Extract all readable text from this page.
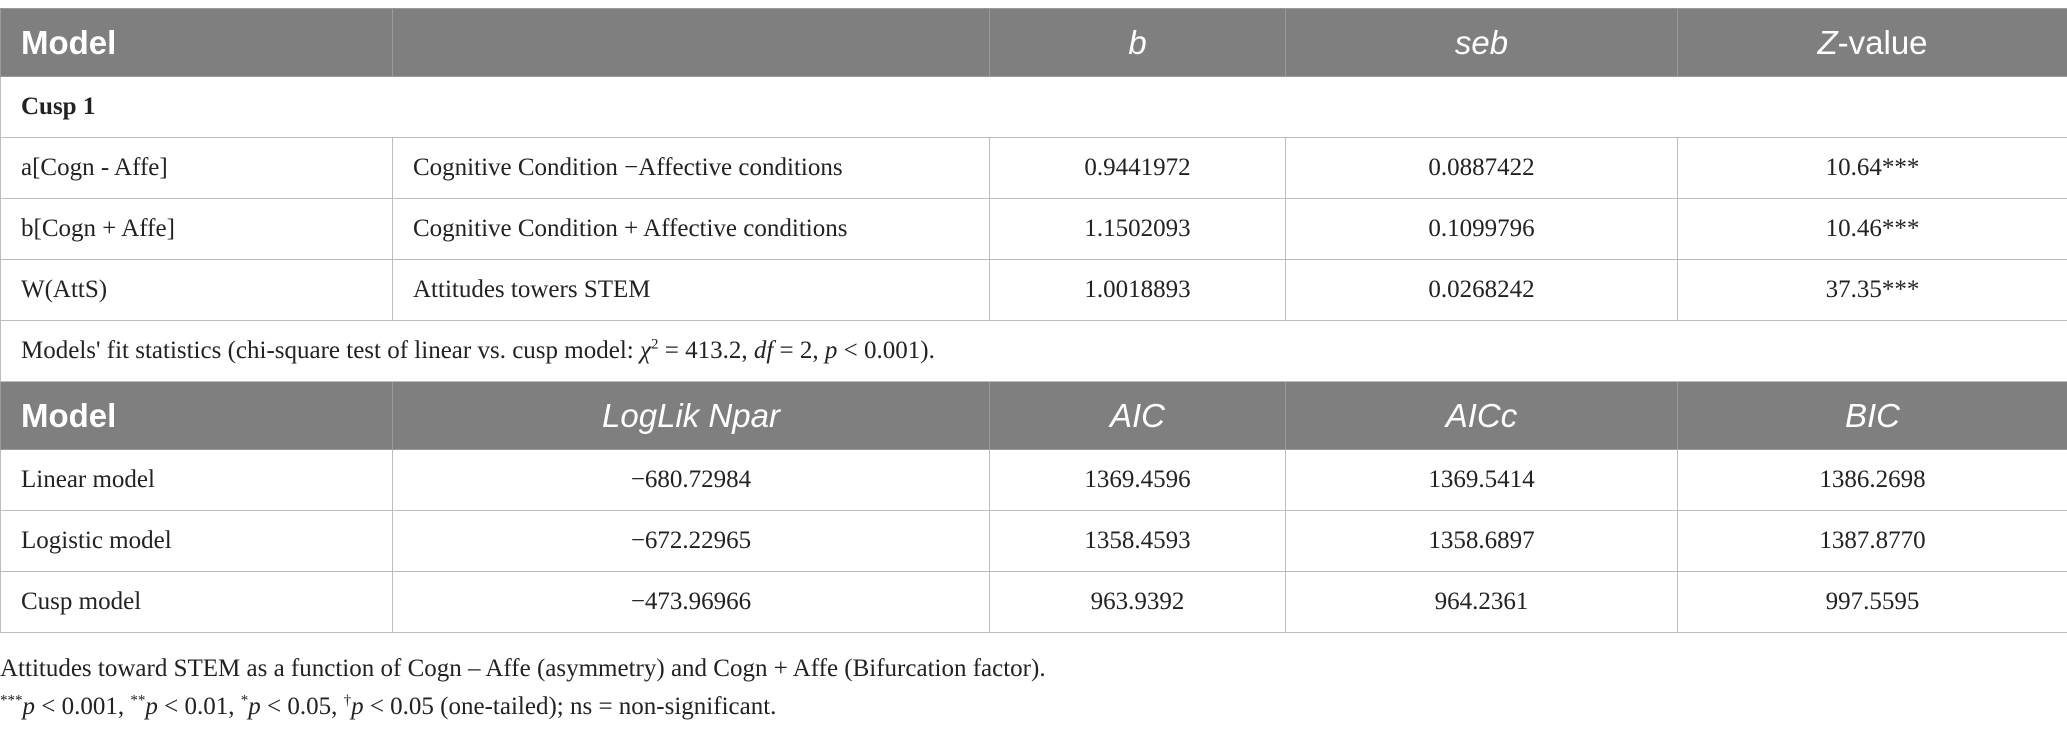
Model		b	seb	Z-value
Cusp 1				
a[Cogn - Affe]	Cognitive Condition −Affective conditions	0.9441972	0.0887422	10.64***
b[Cogn + Affe]	Cognitive Condition + Affective conditions	1.1502093	0.1099796	10.46***
W(AttS)	Attitudes towers STEM	1.0018893	0.0268242	37.35***
Models' fit statistics (chi-square test of linear vs. cusp model: $\chi^2 = 413.2$, df = 2, p < 0.001).				
Model	LogLik Npar	AIC	AICc	BIC
Linear model	−680.72984	1369.4596	1369.5414	1386.2698
Logistic model	−672.22965	1358.4593	1358.6897	1387.8770
Cusp model	−473.96966	963.9392	964.2361	997.5595

Attitudes toward STEM as a function of Cogn – Affe (asymmetry) and Cogn + Affe (Bifurcation factor).

***p < 0.001, **p < 0.01, *p < 0.05, †p < 0.05 (one-tailed); ns = non-significant.
